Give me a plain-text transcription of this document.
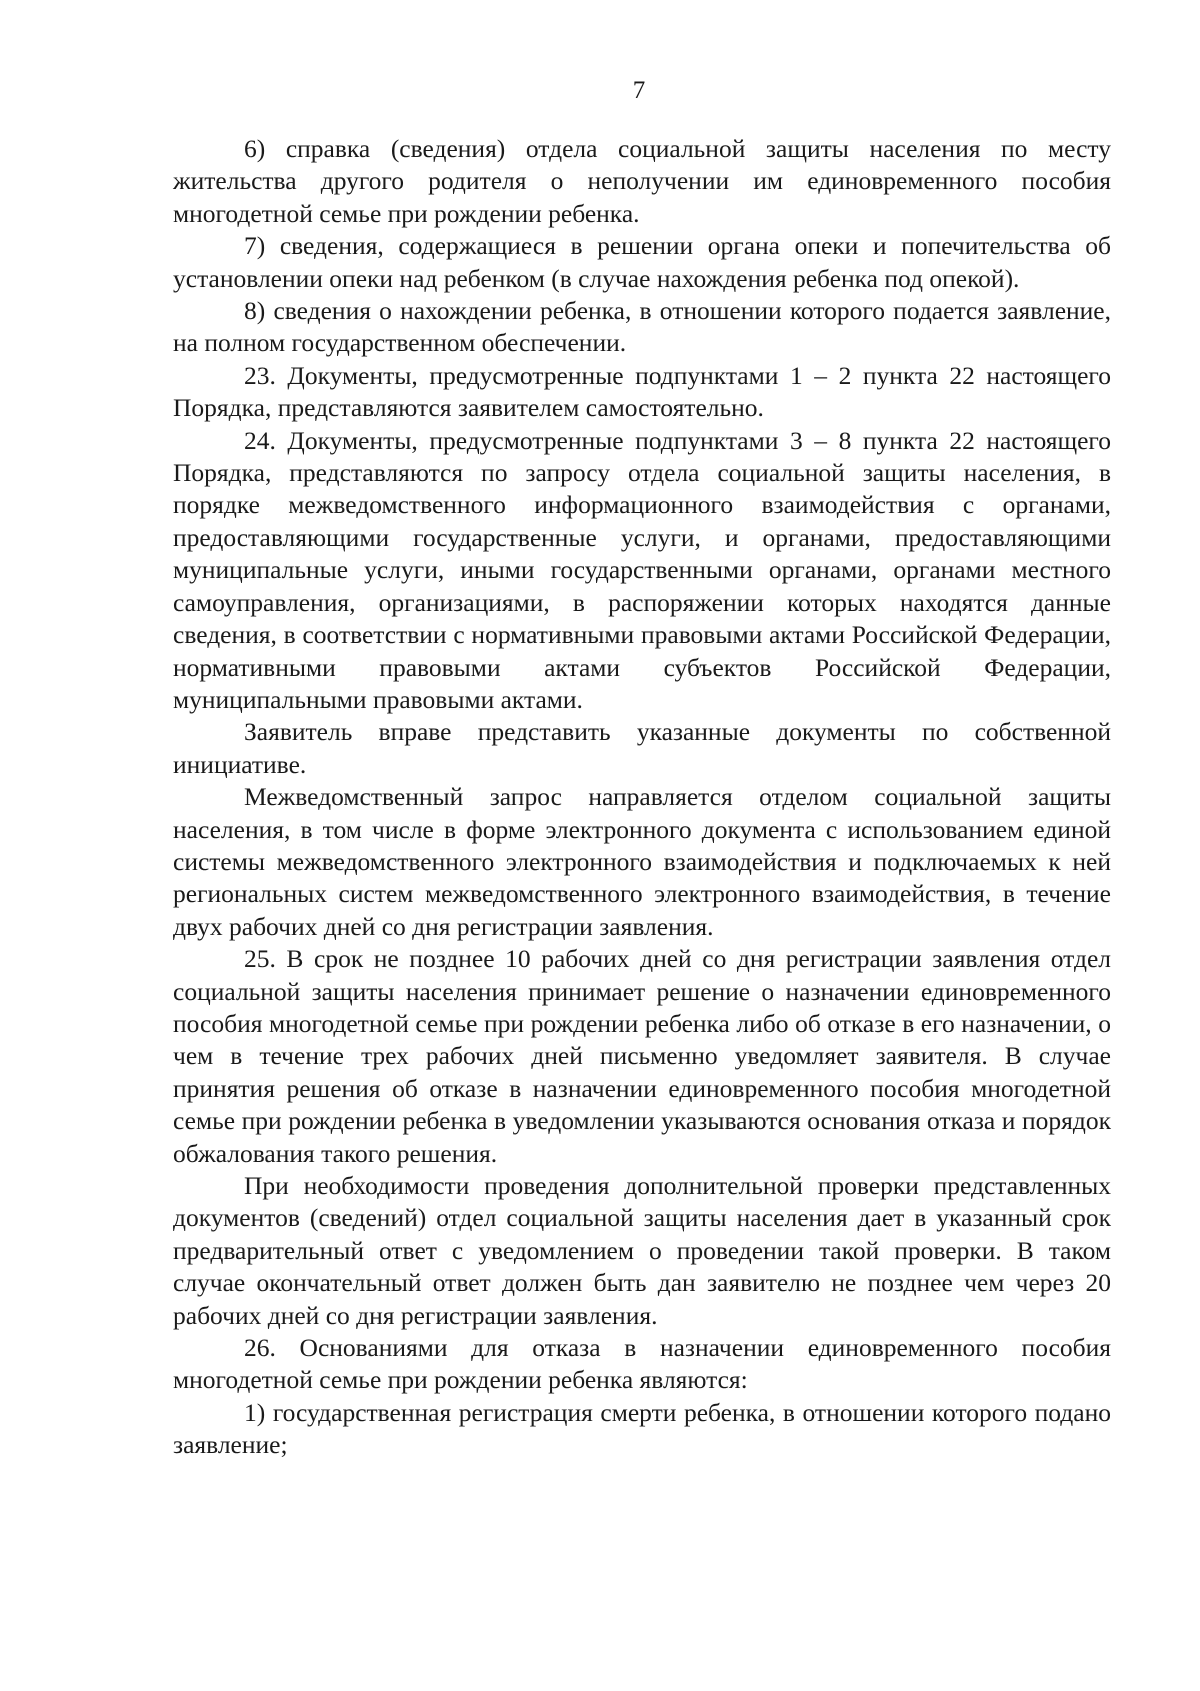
7

6) справка (сведения) отдела социальной защиты населения по месту жительства другого родителя о неполучении им единовременного пособия многодетной семье при рождении ребенка.

7) сведения, содержащиеся в решении органа опеки и попечительства об установлении опеки над ребенком (в случае нахождения ребенка под опекой).

8) сведения о нахождении ребенка, в отношении которого подается заявление, на полном государственном обеспечении.

23. Документы, предусмотренные подпунктами 1 – 2 пункта 22 настоящего Порядка, представляются заявителем самостоятельно.

24. Документы, предусмотренные подпунктами 3 – 8 пункта 22 настоящего Порядка, представляются по запросу отдела социальной защиты населения, в порядке межведомственного информационного взаимодействия с органами, предоставляющими государственные услуги, и органами, предоставляющими муниципальные услуги, иными государственными органами, органами местного самоуправления, организациями, в распоряжении которых находятся данные сведения, в соответствии с нормативными правовыми актами Российской Федерации, нормативными правовыми актами субъектов Российской Федерации, муниципальными правовыми актами.

Заявитель вправе представить указанные документы по собственной инициативе.

Межведомственный запрос направляется отделом социальной защиты населения, в том числе в форме электронного документа с использованием единой системы межведомственного электронного взаимодействия и подключаемых к ней региональных систем межведомственного электронного взаимодействия, в течение двух рабочих дней со дня регистрации заявления.

25. В срок не позднее 10 рабочих дней со дня регистрации заявления отдел социальной защиты населения принимает решение о назначении единовременного пособия многодетной семье при рождении ребенка либо об отказе в его назначении, о чем в течение трех рабочих дней письменно уведомляет заявителя. В случае принятия решения об отказе в назначении единовременного пособия многодетной семье при рождении ребенка в уведомлении указываются основания отказа и порядок обжалования такого решения.

При необходимости проведения дополнительной проверки представленных документов (сведений) отдел социальной защиты населения дает в указанный срок предварительный ответ с уведомлением о проведении такой проверки. В таком случае окончательный ответ должен быть дан заявителю не позднее чем через 20 рабочих дней со дня регистрации заявления.

26. Основаниями для отказа в назначении единовременного пособия многодетной семье при рождении ребенка являются:

1) государственная регистрация смерти ребенка, в отношении которого подано заявление;
